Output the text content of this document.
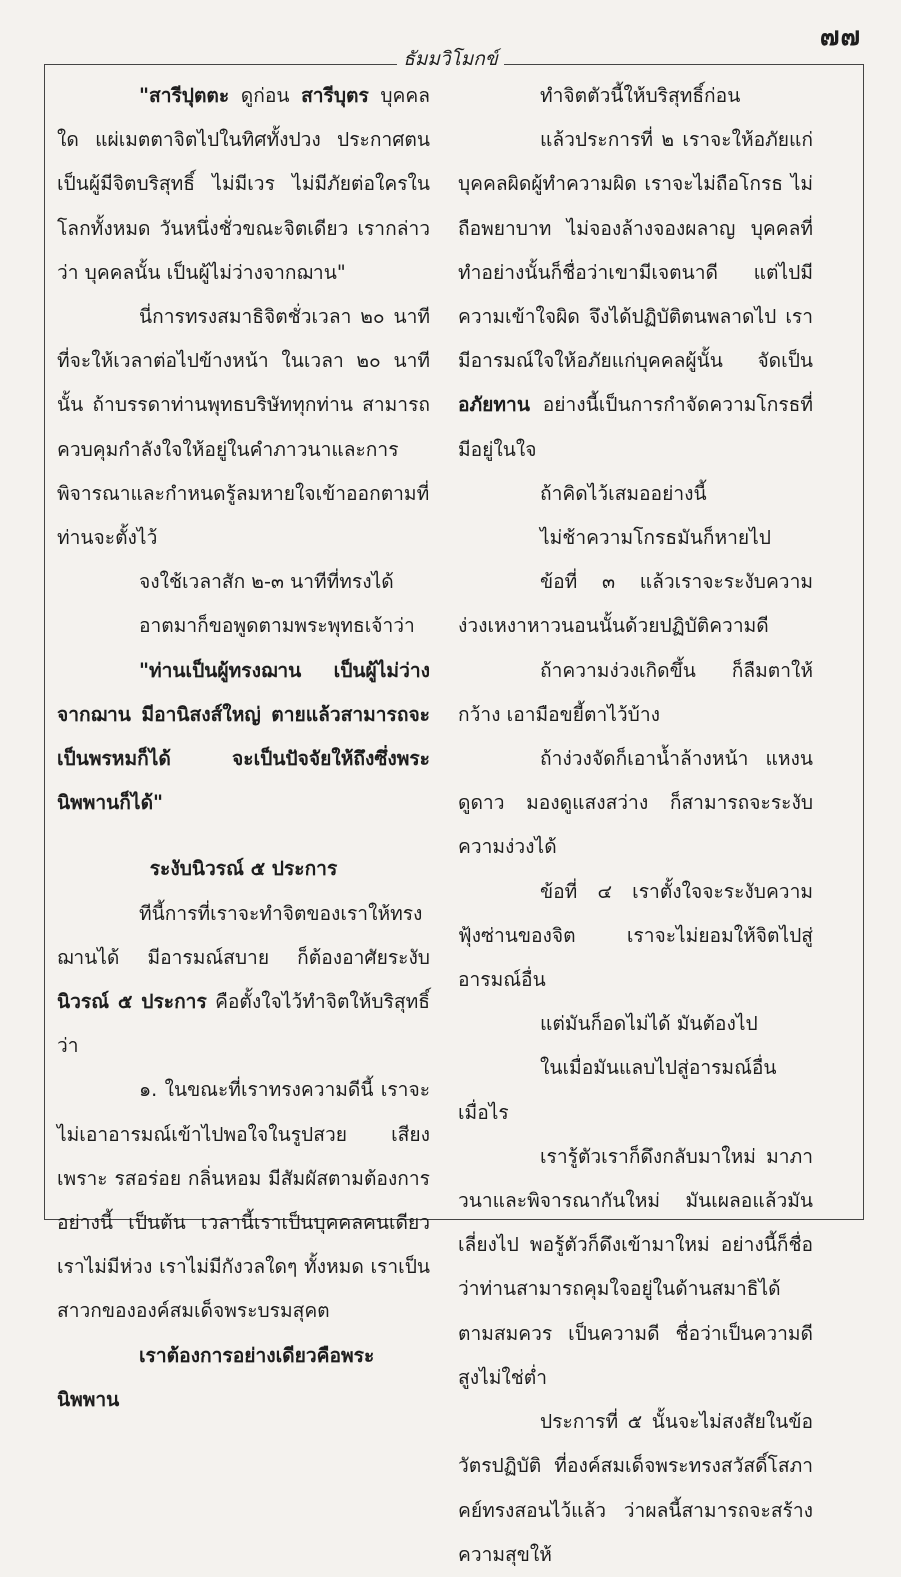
๗๗
ธัมมวิโมกข์

"สารีปุตตะ ดูก่อน สารีบุตร บุคคลใด แผ่เมตตาจิตไปในทิศทั้งปวง ประกาศตนเป็นผู้มีจิตบริสุทธิ์ ไม่มีเวร ไม่มีภัยต่อใครในโลกทั้งหมด วันหนึ่งชั่วขณะจิตเดียว เรากล่าวว่า บุคคลนั้น เป็นผู้ไม่ว่างจากฌาน"

นี่การทรงสมาธิจิตชั่วเวลา ๒๐ นาที ที่จะให้เวลาต่อไปข้างหน้า ในเวลา ๒๐ นาทีนั้น ถ้าบรรดาท่านพุทธบริษัททุกท่าน สามารถควบคุมกำลังใจให้อยู่ในคำภาวนาและการพิจารณาและกำหนดรู้ลมหายใจเข้าออกตามที่ท่านจะตั้งไว้

จงใช้เวลาสัก ๒-๓ นาทีที่ทรงได้

อาตมาก็ขอพูดตามพระพุทธเจ้าว่า

"ท่านเป็นผู้ทรงฌาน เป็นผู้ไม่ว่างจากฌาน มีอานิสงส์ใหญ่ ตายแล้วสามารถจะเป็นพรหมก็ได้ จะเป็นปัจจัยให้ถึงซึ่งพระนิพพานก็ได้"

ระงับนิวรณ์ ๕ ประการ

ทีนี้การที่เราจะทำจิตของเราให้ทรงฌานได้ มีอารมณ์สบาย ก็ต้องอาศัยระงับ นิวรณ์ ๕ ประการ คือตั้งใจไว้ทำจิตให้บริสุทธิ์ว่า

๑. ในขณะที่เราทรงความดีนี้ เราจะไม่เอาอารมณ์เข้าไปพอใจในรูปสวย เสียงเพราะ รสอร่อย กลิ่นหอม มีสัมผัสตามต้องการอย่างนี้ เป็นต้น เวลานี้เราเป็นบุคคลคนเดียว เราไม่มีห่วง เราไม่มีกังวลใดๆ ทั้งหมด เราเป็นสาวกขององค์สมเด็จพระบรมสุคต

เราต้องการอย่างเดียวคือพระนิพพาน

ทำจิตตัวนี้ให้บริสุทธิ์ก่อน

แล้วประการที่ ๒ เราจะให้อภัยแก่บุคคลผิดผู้ทำความผิด เราจะไม่ถือโกรธ ไม่ถือพยาบาท ไม่จองล้างจองผลาญ บุคคลที่ทำอย่างนั้นก็ชื่อว่าเขามีเจตนาดี แต่ไปมีความเข้าใจผิด จึงได้ปฏิบัติตนพลาดไป เรามีอารมณ์ใจให้อภัยแก่บุคคลผู้นั้น จัดเป็น อภัยทาน อย่างนี้เป็นการกำจัดความโกรธที่มีอยู่ในใจ

ถ้าคิดไว้เสมออย่างนี้

ไม่ช้าความโกรธมันก็หายไป

ข้อที่ ๓ แล้วเราจะระงับความง่วงเหงาหาวนอนนั้นด้วยปฏิบัติความดี

ถ้าความง่วงเกิดขึ้น ก็ลืมตาให้กว้าง เอามือขยี้ตาไว้บ้าง

ถ้าง่วงจัดก็เอาน้ำล้างหน้า แหงนดูดาว มองดูแสงสว่าง ก็สามารถจะระงับความง่วงได้

ข้อที่ ๔ เราตั้งใจจะระงับความฟุ้งซ่านของจิต เราจะไม่ยอมให้จิตไปสู่อารมณ์อื่น

แต่มันก็อดไม่ได้ มันต้องไป

ในเมื่อมันแลบไปสู่อารมณ์อื่นเมื่อไร

เรารู้ตัวเราก็ดึงกลับมาใหม่ มาภาวนาและพิจารณากันใหม่ มันเผลอแล้วมันเลี่ยงไป พอรู้ตัวก็ดึงเข้ามาใหม่ อย่างนี้ก็ชื่อว่าท่านสามารถคุมใจอยู่ในด้านสมาธิได้ตามสมควร เป็นความดี ชื่อว่าเป็นความดีสูงไม่ใช่ต่ำ

ประการที่ ๕ นั้นจะไม่สงสัยในข้อวัตรปฏิบัติ ที่องค์สมเด็จพระทรงสวัสดิ์โสภาคย์ทรงสอนไว้แล้ว ว่าผลนี้สามารถจะสร้างความสุขให้
